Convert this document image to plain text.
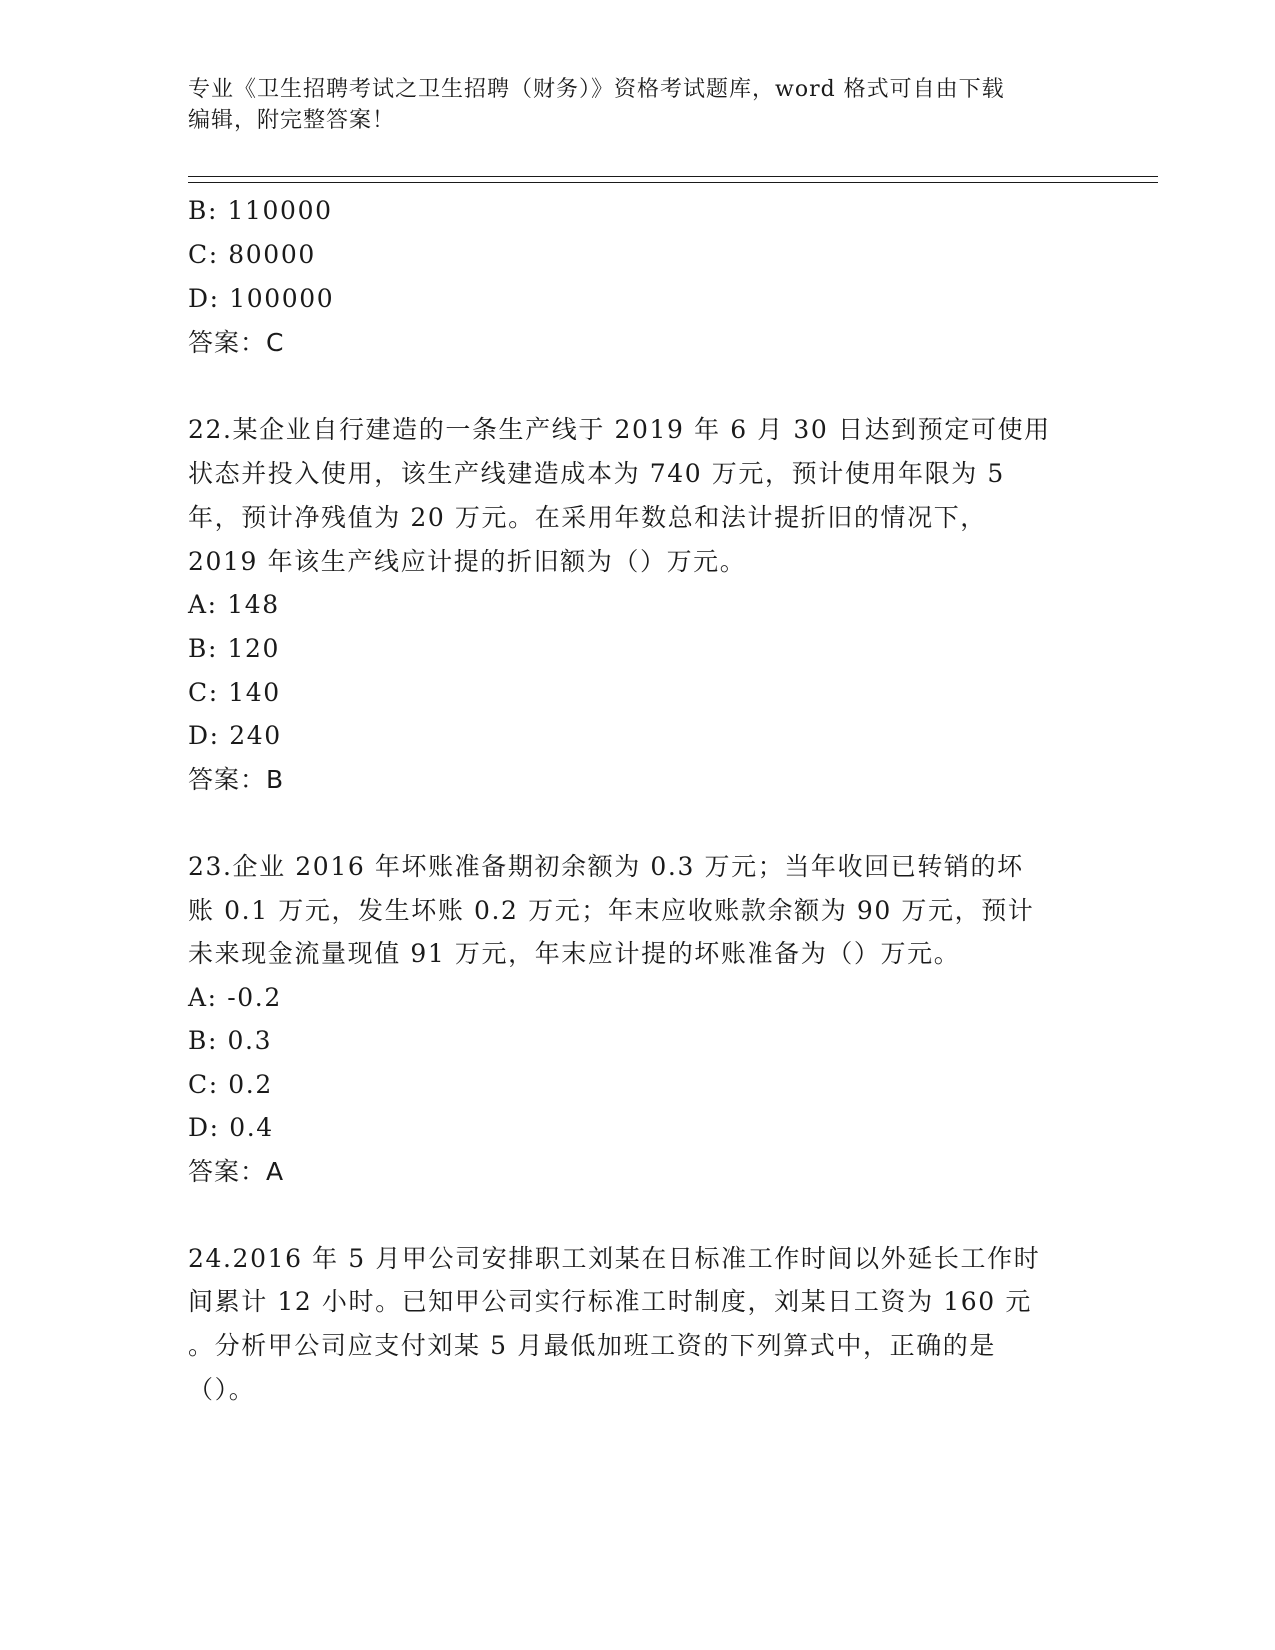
专业《卫生招聘考试之卫生招聘（财务）》资格考试题库，word 格式可自由下载
编辑，附完整答案！
B: 110000
C: 80000
D: 100000
答案：C
22.某企业自行建造的一条生产线于 2019 年 6 月 30 日达到预定可使用
状态并投入使用，该生产线建造成本为 740 万元，预计使用年限为 5
年，预计净残值为 20 万元。在采用年数总和法计提折旧的情况下，
2019 年该生产线应计提的折旧额为（）万元。
A: 148
B: 120
C: 140
D: 240
答案：B
23.企业 2016 年坏账准备期初余额为 0.3 万元；当年收回已转销的坏
账 0.1 万元，发生坏账 0.2 万元；年末应收账款余额为 90 万元，预计
未来现金流量现值 91 万元，年末应计提的坏账准备为（）万元。
A: -0.2
B: 0.3
C: 0.2
D: 0.4
答案：A
24.2016 年 5 月甲公司安排职工刘某在日标准工作时间以外延长工作时
间累计 12 小时。已知甲公司实行标准工时制度，刘某日工资为 160 元
。分析甲公司应支付刘某 5 月最低加班工资的下列算式中，正确的是
（）。
